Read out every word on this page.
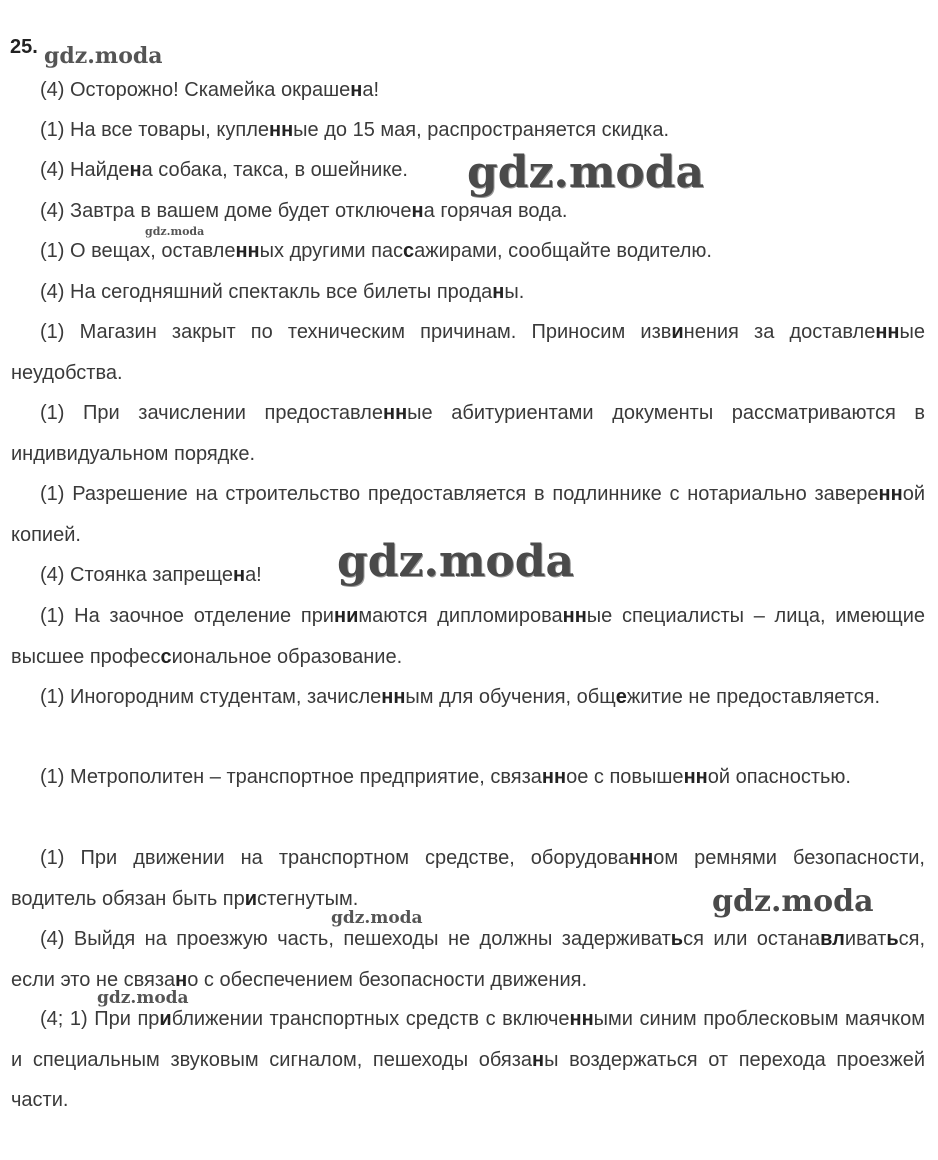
25.
(4) Осторожно! Скамейка окрашена!
(1) На все товары, купленные до 15 мая, распространяется скидка.
(4) Найдена собака, такса, в ошейнике.
(4) Завтра в вашем доме будет отключена горячая вода.
(1) О вещах, оставленных другими пассажирами, сообщайте водителю.
(4) На сегодняшний спектакль все билеты проданы.
(1) Магазин закрыт по техническим причинам. Приносим извинения за доставленные неудобства.
(1) При зачислении предоставленные абитуриентами документы рассматриваются в индивидуальном порядке.
(1) Разрешение на строительство предоставляется в подлиннике с нотариально заверенной копией.
(4) Стоянка запрещена!
(1) На заочное отделение принимаются дипломированные специалисты – лица, имеющие высшее профессиональное образование.
(1) Иногородним студентам, зачисленным для обучения, общежитие не предоставляется.
(1) Метрополитен – транспортное предприятие, связанное с повышенной опасностью.
(1) При движении на транспортном средстве, оборудованном ремнями безопасности, водитель обязан быть пристегнутым.
(4) Выйдя на проезжую часть, пешеходы не должны задерживаться или останавливаться, если это не связано с обеспечением безопасности движения.
(4; 1) При приближении транспортных средств с включенными синим проблесковым маячком и специальным звуковым сигналом, пешеходы обязаны воздержаться от перехода проезжей части.
gdz.moda
gdz.moda
gdz.moda
gdz.moda
gdz.moda
gdz.moda
gdz.moda
